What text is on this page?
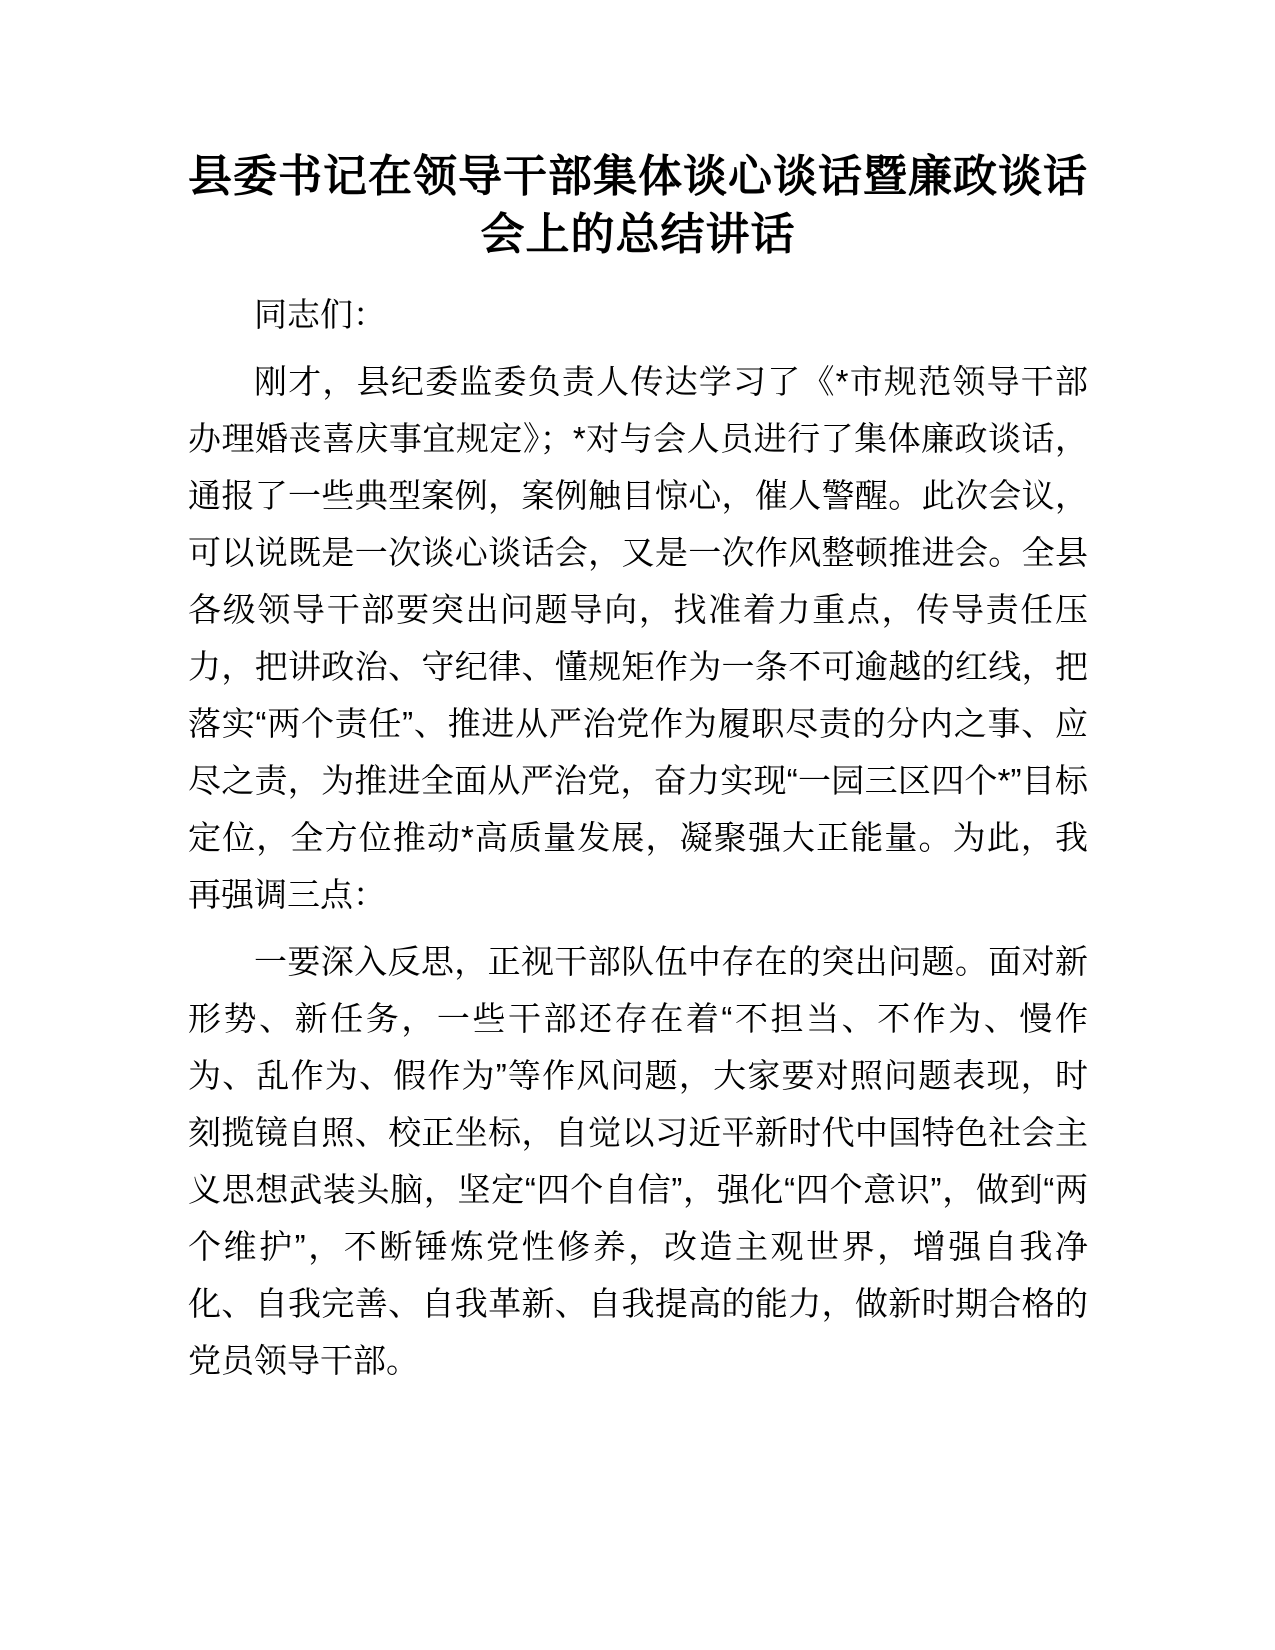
县委书记在领导干部集体谈心谈话暨廉政谈话
会上的总结讲话

同志们：

刚才，县纪委监委负责人传达学习了《*市规范领导干部办理婚丧喜庆事宜规定》；*对与会人员进行了集体廉政谈话，通报了一些典型案例，案例触目惊心，催人警醒。此次会议，可以说既是一次谈心谈话会，又是一次作风整顿推进会。全县各级领导干部要突出问题导向，找准着力重点，传导责任压力，把讲政治、守纪律、懂规矩作为一条不可逾越的红线，把落实“两个责任”、推进从严治党作为履职尽责的分内之事、应尽之责，为推进全面从严治党，奋力实现“一园三区四个*”目标定位，全方位推动*高质量发展，凝聚强大正能量。为此，我再强调三点：

一要深入反思，正视干部队伍中存在的突出问题。面对新形势、新任务，一些干部还存在着“不担当、不作为、慢作为、乱作为、假作为”等作风问题，大家要对照问题表现，时刻揽镜自照、校正坐标，自觉以习近平新时代中国特色社会主义思想武装头脑，坚定“四个自信”，强化“四个意识”，做到“两个维护”，不断锤炼党性修养，改造主观世界，增强自我净化、自我完善、自我革新、自我提高的能力，做新时期合格的党员领导干部。
